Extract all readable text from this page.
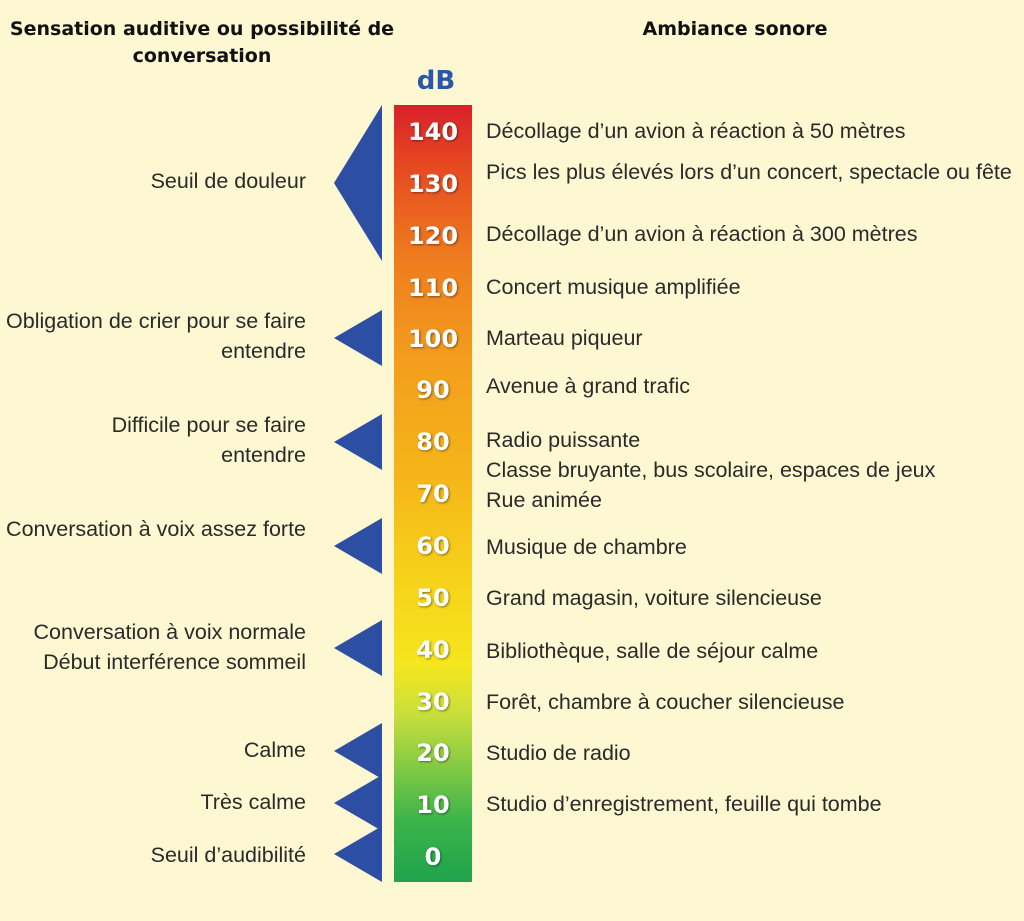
Sensation auditive ou possibilité de conversation
Ambiance sonore
dB
140
130
120
110
100
90
80
70
60
50
40
30
20
10
0

Décollage d’un avion à réaction à 50 mètres

Pics les plus élevés lors d’un concert, spectacle ou fête

Décollage d’un avion à réaction à 300 mètres

Concert musique amplifiée

Marteau piqueur

Avenue à grand trafic

Radio puissante

Classe bruyante, bus scolaire, espaces de jeux

Rue animée

Musique de chambre

Grand magasin, voiture silencieuse

Bibliothèque, salle de séjour calme

Forêt, chambre à coucher silencieuse

Studio de radio

Studio d’enregistrement, feuille qui tombe

Seuil de douleur

Obligation de crier pour se faire entendre

Difficile pour se faire entendre

Conversation à voix assez forte

Conversation à voix normale
Début interférence sommeil

Calme

Très calme

Seuil d’audibilité
